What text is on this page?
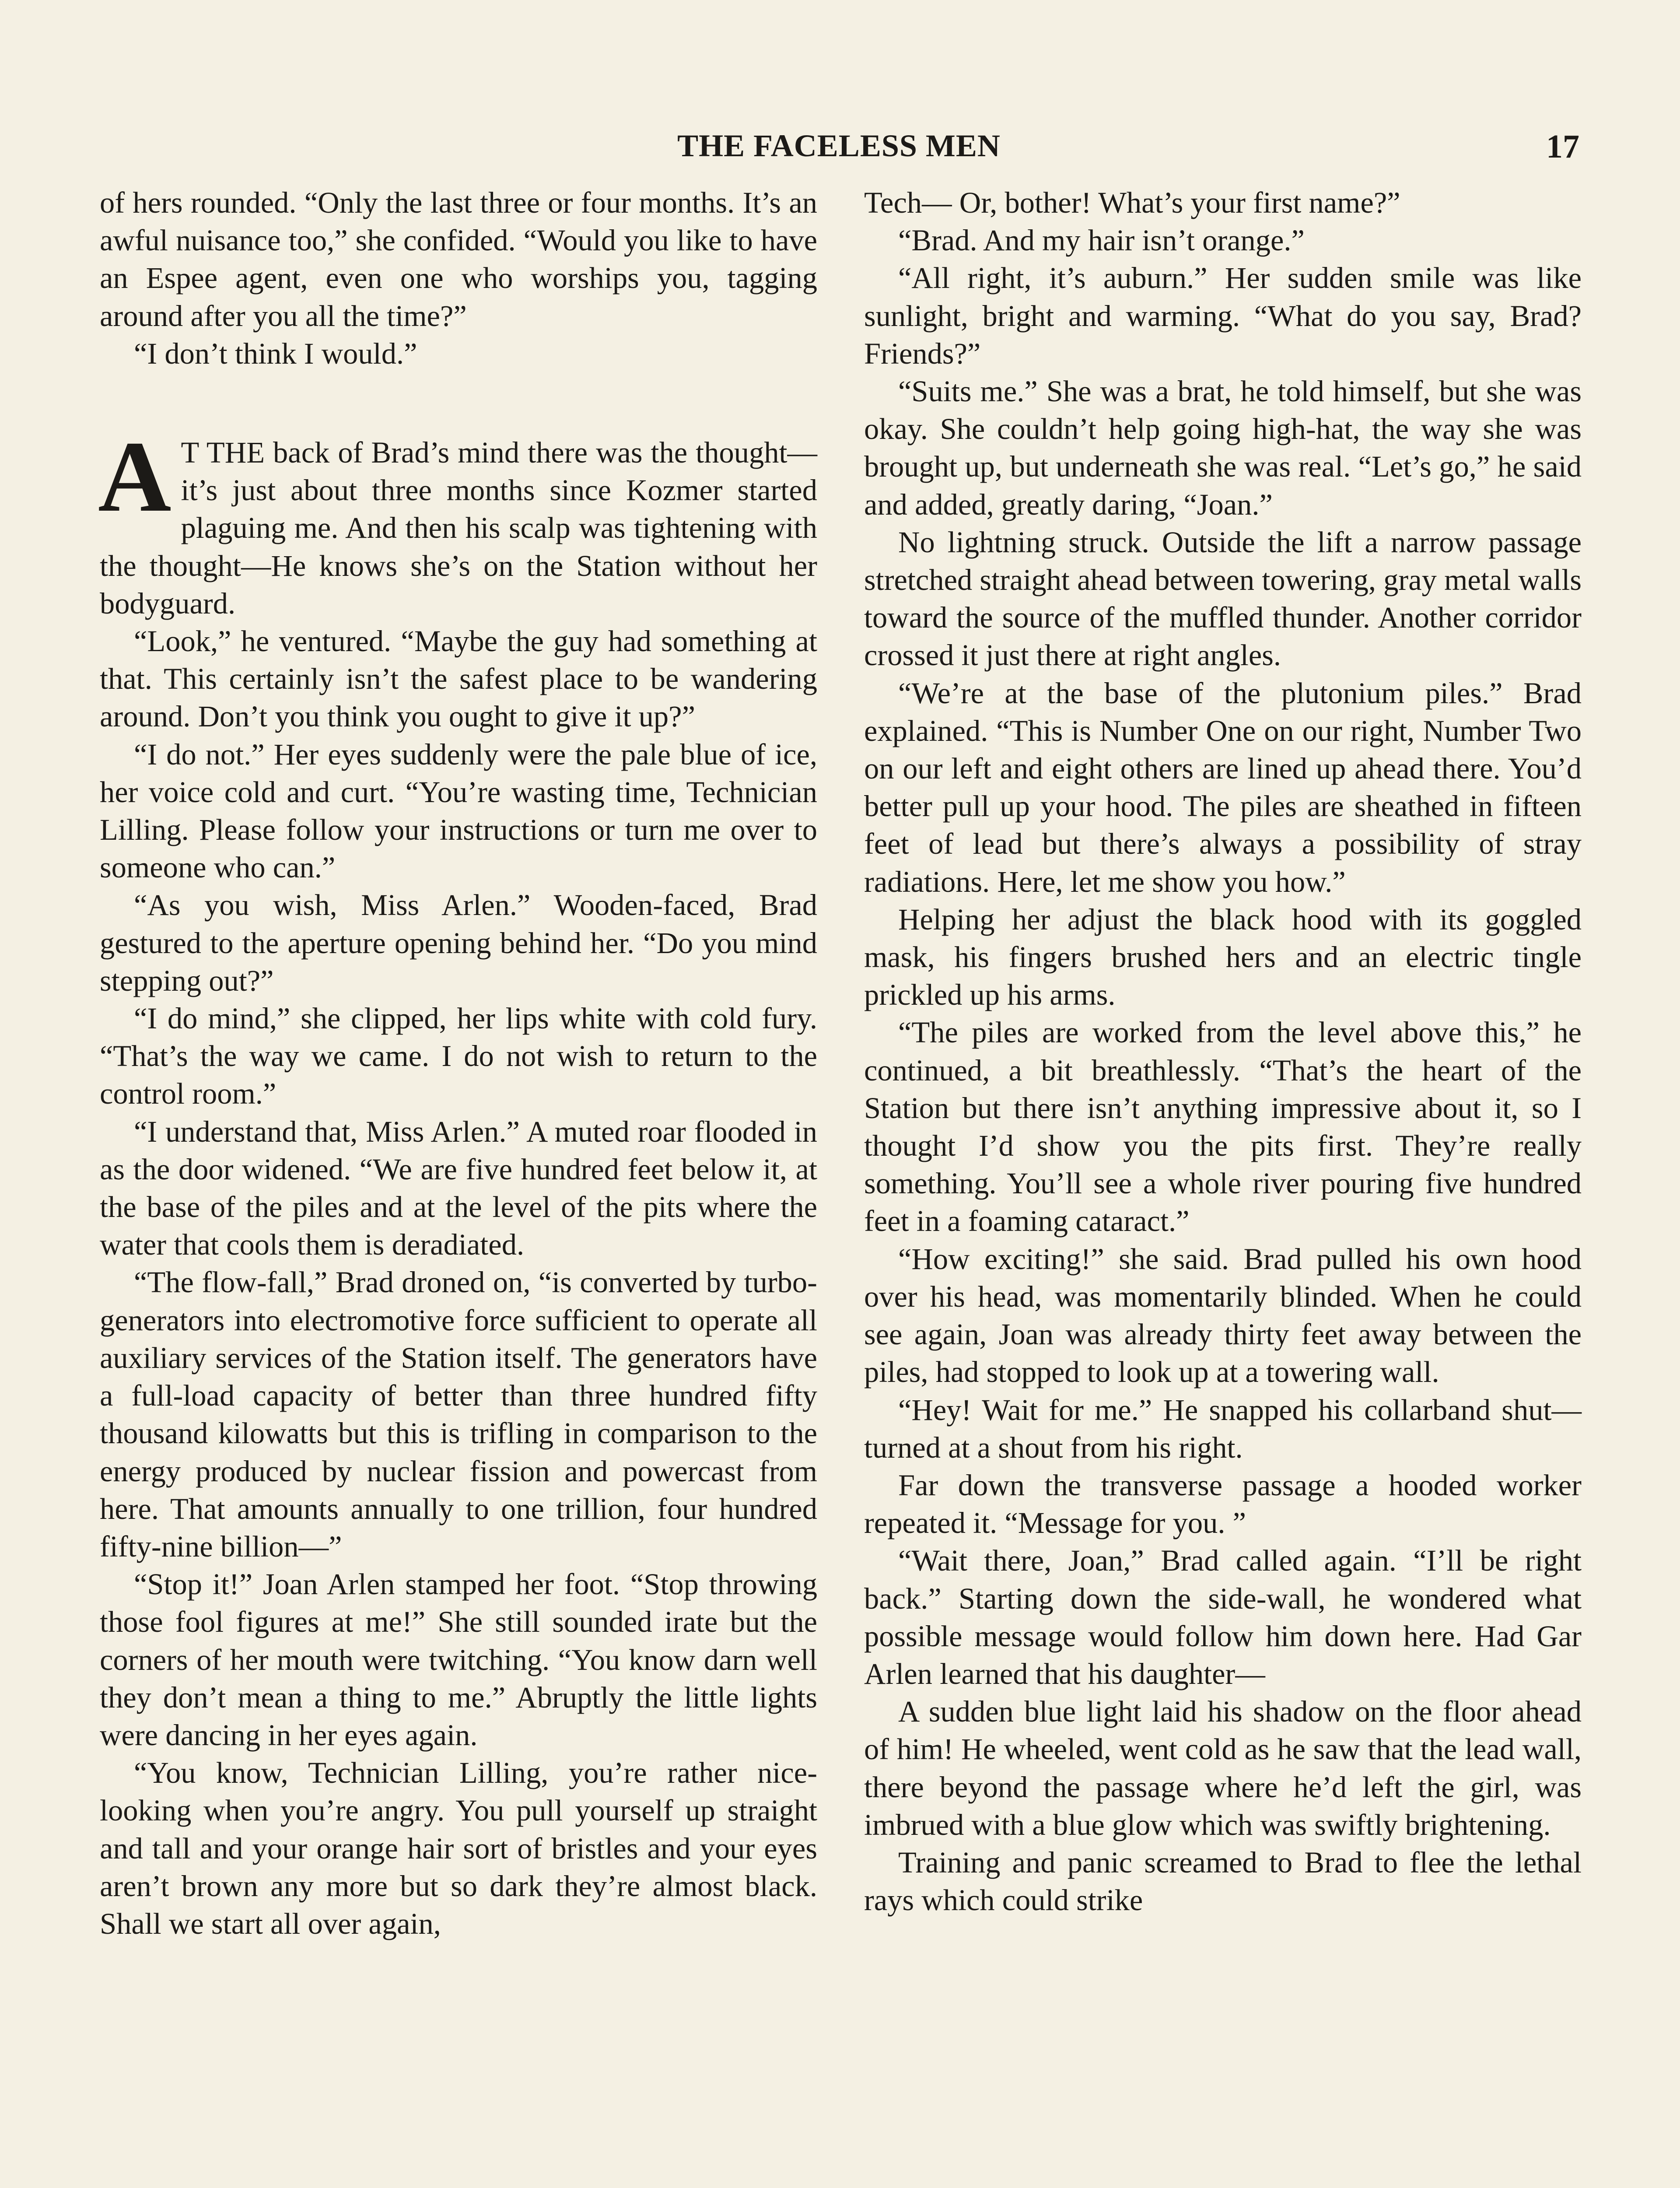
THE FACELESS MEN	17

of hers rounded. “Only the last three or four months. It’s an awful nuisance too,” she confided. “Would you like to have an Espee agent, even one who worships you, tagging around after you all the time?”

“I don’t think I would.”

A T THE back of Brad’s mind there was the thought—it’s just about three months since Kozmer started plaguing me. And then his scalp was tightening with the thought—He knows she’s on the Station without her bodyguard.

“Look,” he ventured. “Maybe the guy had something at that. This certainly isn’t the safest place to be wandering around. Don’t you think you ought to give it up?”

“I do not.” Her eyes suddenly were the pale blue of ice, her voice cold and curt. “You’re wasting time, Technician Lilling. Please follow your instructions or turn me over to someone who can.”

“As you wish, Miss Arlen.” Wooden-faced, Brad gestured to the aperture opening behind her. “Do you mind stepping out?”

“I do mind,” she clipped, her lips white with cold fury. “That’s the way we came. I do not wish to return to the control room.”

“I understand that, Miss Arlen.” A muted roar flooded in as the door widened. “We are five hundred feet below it, at the base of the piles and at the level of the pits where the water that cools them is deradiated.

“The flow-fall,” Brad droned on, “is converted by turbo-generators into electromotive force sufficient to operate all auxiliary services of the Station itself. The generators have a full-load capacity of better than three hundred fifty thousand kilowatts but this is trifling in comparison to the energy produced by nuclear fission and powercast from here. That amounts annually to one trillion, four hundred fifty-nine billion—”

“Stop it!” Joan Arlen stamped her foot. “Stop throwing those fool figures at me!” She still sounded irate but the corners of her mouth were twitching. “You know darn well they don’t mean a thing to me.” Abruptly the little lights were dancing in her eyes again.

“You know, Technician Lilling, you’re rather nice-looking when you’re angry. You pull yourself up straight and tall and your orange hair sort of bristles and your eyes aren’t brown any more but so dark they’re almost black. Shall we start all over again,

Tech— Or, bother! What’s your first name?”

“Brad. And my hair isn’t orange.”

“All right, it’s auburn.” Her sudden smile was like sunlight, bright and warming. “What do you say, Brad? Friends?”

“Suits me.” She was a brat, he told himself, but she was okay. She couldn’t help going high-hat, the way she was brought up, but underneath she was real. “Let’s go,” he said and added, greatly daring, “Joan.”

No lightning struck. Outside the lift a narrow passage stretched straight ahead between towering, gray metal walls toward the source of the muffled thunder. Another corridor crossed it just there at right angles.

“We’re at the base of the plutonium piles.” Brad explained. “This is Number One on our right, Number Two on our left and eight others are lined up ahead there. You’d better pull up your hood. The piles are sheathed in fifteen feet of lead but there’s always a possibility of stray radiations. Here, let me show you how.”

Helping her adjust the black hood with its goggled mask, his fingers brushed hers and an electric tingle prickled up his arms.

“The piles are worked from the level above this,” he continued, a bit breathlessly. “That’s the heart of the Station but there isn’t anything impressive about it, so I thought I’d show you the pits first. They’re really something. You’ll see a whole river pouring five hundred feet in a foaming cataract.”

“How exciting!” she said. Brad pulled his own hood over his head, was momentarily blinded. When he could see again, Joan was already thirty feet away between the piles, had stopped to look up at a towering wall.

“Hey! Wait for me.” He snapped his collarband shut—turned at a shout from his right.

Far down the transverse passage a hooded worker repeated it. “Message for you. ”

“Wait there, Joan,” Brad called again. “I’ll be right back.” Starting down the side-wall, he wondered what possible message would follow him down here. Had Gar Arlen learned that his daughter—

A sudden blue light laid his shadow on the floor ahead of him! He wheeled, went cold as he saw that the lead wall, there beyond the passage where he’d left the girl, was imbrued with a blue glow which was swiftly brightening.

Training and panic screamed to Brad to flee the lethal rays which could strike
